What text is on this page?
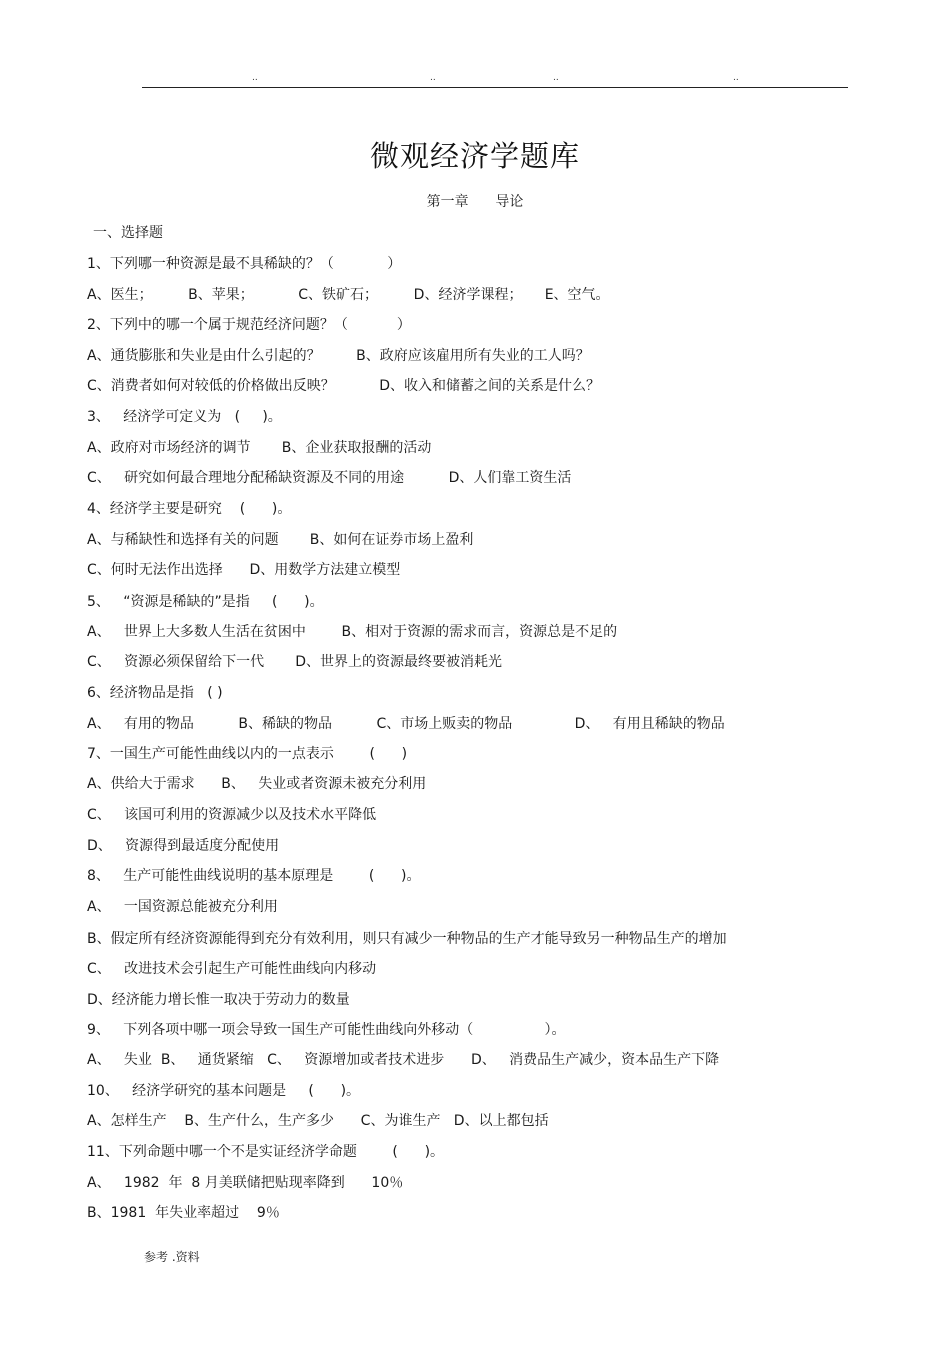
..	..	..	..
微观经济学题库
第一章      导论
一、选择题
1、下列哪一种资源是最不具稀缺的？（            ）
A、医生；        B、苹果；          C、铁矿石；        D、经济学课程；     E、空气。
2、下列中的哪一个属于规范经济问题？（           ）
A、通货膨胀和失业是由什么引起的？        B、政府应该雇用所有失业的工人吗？
C、消费者如何对较低的价格做出反映？          D、收入和储蓄之间的关系是什么？
3、   经济学可定义为   (     )。
A、政府对市场经济的调节       B、企业获取报酬的活动
C、   研究如何最合理地分配稀缺资源及不同的用途          D、人们靠工资生活
4、经济学主要是研究    (      )。
A、与稀缺性和选择有关的问题       B、如何在证券市场上盈利
C、何时无法作出选择      D、用数学方法建立模型
5、   “资源是稀缺的”是指     (      )。
A、   世界上大多数人生活在贫困中        B、相对于资源的需求而言，资源总是不足的
C、   资源必须保留给下一代       D、世界上的资源最终要被消耗光
6、经济物品是指   ( )
A、   有用的物品          B、稀缺的物品          C、市场上贩卖的物品              D、   有用且稀缺的物品
7、一国生产可能性曲线以内的一点表示        (      )
A、供给大于需求      B、   失业或者资源未被充分利用
C、   该国可利用的资源减少以及技术水平降低
D、   资源得到最适度分配使用
8、   生产可能性曲线说明的基本原理是        (      )。
A、   一国资源总能被充分利用
B、假定所有经济资源能得到充分有效利用，则只有减少一种物品的生产才能导致另一种物品生产的增加
C、   改进技术会引起生产可能性曲线向内移动
D、经济能力增长惟一取决于劳动力的数量
9、   下列各项中哪一项会导致一国生产可能性曲线向外移动（                ）。
A、   失业  B、   通货紧缩   C、   资源增加或者技术进步      D、   消费品生产减少，资本品生产下降
10、   经济学研究的基本问题是     (      )。
A、怎样生产    B、生产什么，生产多少      C、为谁生产   D、以上都包括
11、下列命题中哪一个不是实证经济学命题        (      )。
A、   1982  年  8 月美联储把贴现率降到      10％
B、1981  年失业率超过    9％
参考 .资料
